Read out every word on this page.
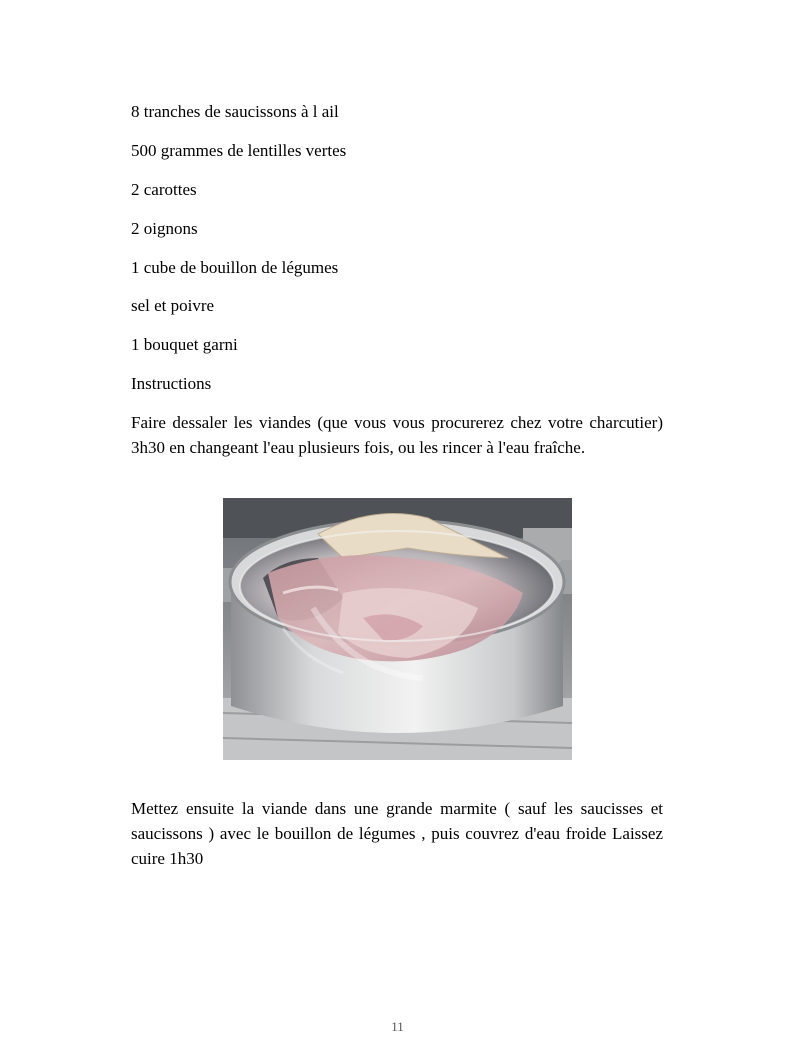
8 tranches de saucissons à l ail
500 grammes de lentilles vertes
2 carottes
2 oignons
1 cube de bouillon de légumes
sel et poivre
1 bouquet garni
Instructions
Faire dessaler les viandes (que vous vous procurerez chez votre charcutier) 3h30 en changeant l'eau plusieurs fois, ou les rincer à l'eau fraîche.
Mettez ensuite la viande dans une grande marmite ( sauf les saucisses et saucissons ) avec le bouillon de légumes , puis couvrez d'eau froide Laissez cuire 1h30
11
